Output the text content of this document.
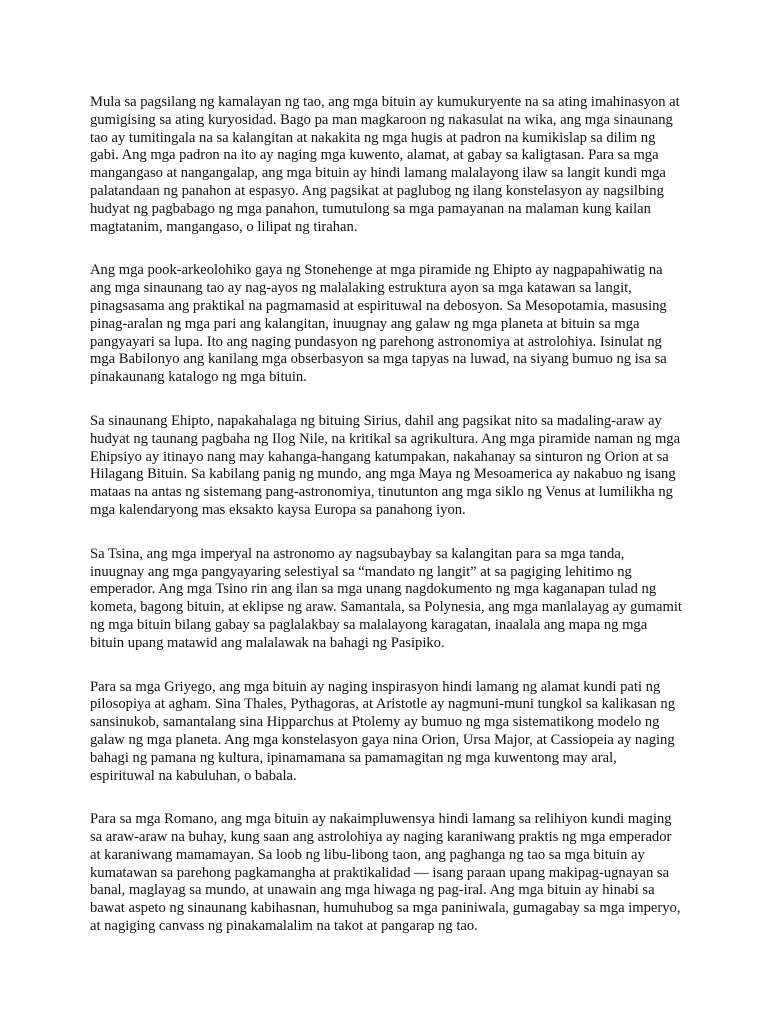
Mula sa pagsilang ng kamalayan ng tao, ang mga bituin ay kumukuryente na sa ating imahinasyon at gumigising sa ating kuryosidad. Bago pa man magkaroon ng nakasulat na wika, ang mga sinaunang tao ay tumitingala na sa kalangitan at nakakita ng mga hugis at padron na kumikislap sa dilim ng gabi. Ang mga padron na ito ay naging mga kuwento, alamat, at gabay sa kaligtasan. Para sa mga mangangaso at nangangalap, ang mga bituin ay hindi lamang malalayong ilaw sa langit kundi mga palatandaan ng panahon at espasyo. Ang pagsikat at paglubog ng ilang konstelasyon ay nagsilbing hudyat ng pagbabago ng mga panahon, tumutulong sa mga pamayanan na malaman kung kailan magtatanim, mangangaso, o lilipat ng tirahan.

Ang mga pook-arkeolohiko gaya ng Stonehenge at mga piramide ng Ehipto ay nagpapahiwatig na ang mga sinaunang tao ay nag-ayos ng malalaking estruktura ayon sa mga katawan sa langit, pinagsasama ang praktikal na pagmamasid at espirituwal na debosyon. Sa Mesopotamia, masusing pinag-aralan ng mga pari ang kalangitan, inuugnay ang galaw ng mga planeta at bituin sa mga pangyayari sa lupa. Ito ang naging pundasyon ng parehong astronomiya at astrolohiya. Isinulat ng mga Babilonyo ang kanilang mga obserbasyon sa mga tapyas na luwad, na siyang bumuo ng isa sa pinakaunang katalogo ng mga bituin.

Sa sinaunang Ehipto, napakahalaga ng bituing Sirius, dahil ang pagsikat nito sa madaling-araw ay hudyat ng taunang pagbaha ng Ilog Nile, na kritikal sa agrikultura. Ang mga piramide naman ng mga Ehipsiyo ay itinayo nang may kahanga-hangang katumpakan, nakahanay sa sinturon ng Orion at sa Hilagang Bituin. Sa kabilang panig ng mundo, ang mga Maya ng Mesoamerica ay nakabuo ng isang mataas na antas ng sistemang pang-astronomiya, tinutunton ang mga siklo ng Venus at lumilikha ng mga kalendaryong mas eksakto kaysa Europa sa panahong iyon.

Sa Tsina, ang mga imperyal na astronomo ay nagsubaybay sa kalangitan para sa mga tanda, inuugnay ang mga pangyayaring selestiyal sa “mandato ng langit” at sa pagiging lehitimo ng emperador. Ang mga Tsino rin ang ilan sa mga unang nagdokumento ng mga kaganapan tulad ng kometa, bagong bituin, at eklipse ng araw. Samantala, sa Polynesia, ang mga manlalayag ay gumamit ng mga bituin bilang gabay sa paglalakbay sa malalayong karagatan, inaalala ang mapa ng mga bituin upang matawid ang malalawak na bahagi ng Pasipiko.

Para sa mga Griyego, ang mga bituin ay naging inspirasyon hindi lamang ng alamat kundi pati ng pilosopiya at agham. Sina Thales, Pythagoras, at Aristotle ay nagmuni-muni tungkol sa kalikasan ng sansinukob, samantalang sina Hipparchus at Ptolemy ay bumuo ng mga sistematikong modelo ng galaw ng mga planeta. Ang mga konstelasyon gaya nina Orion, Ursa Major, at Cassiopeia ay naging bahagi ng pamana ng kultura, ipinamamana sa pamamagitan ng mga kuwentong may aral, espirituwal na kabuluhan, o babala.

Para sa mga Romano, ang mga bituin ay nakaimpluwensya hindi lamang sa relihiyon kundi maging sa araw-araw na buhay, kung saan ang astrolohiya ay naging karaniwang praktis ng mga emperador at karaniwang mamamayan. Sa loob ng libu-libong taon, ang paghanga ng tao sa mga bituin ay kumatawan sa parehong pagkamangha at praktikalidad — isang paraan upang makipag-ugnayan sa banal, maglayag sa mundo, at unawain ang mga hiwaga ng pag-iral. Ang mga bituin ay hinabi sa bawat aspeto ng sinaunang kabihasnan, humuhubog sa mga paniniwala, gumagabay sa mga imperyo, at nagiging canvass ng pinakamalalim na takot at pangarap ng tao.
